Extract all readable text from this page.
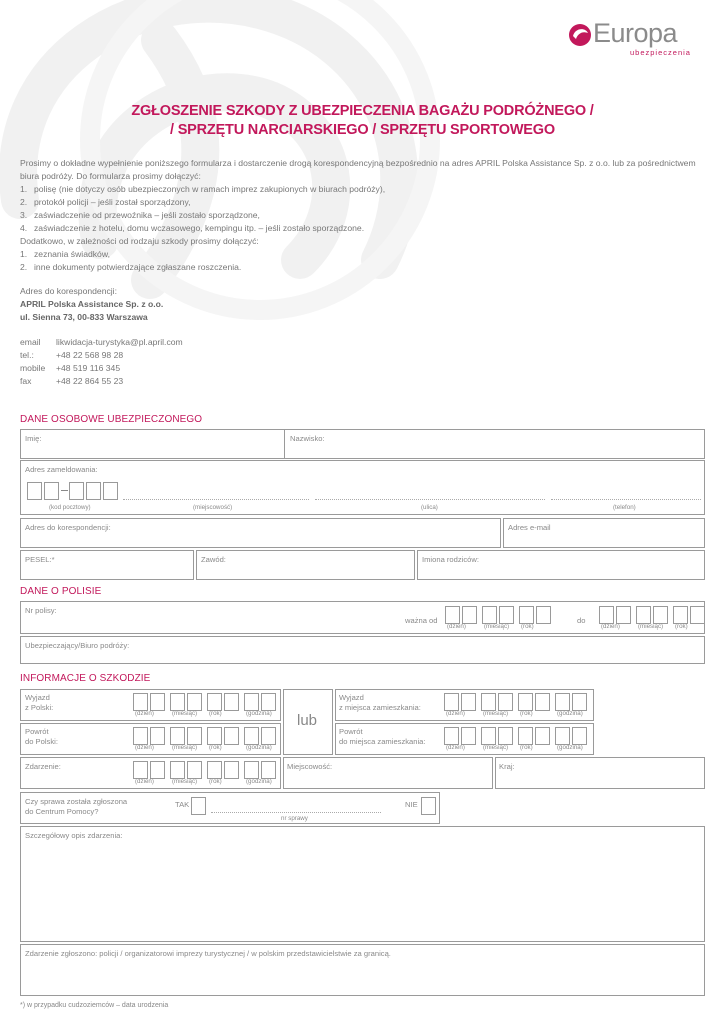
Europa
ubezpieczenia
ZGŁOSZENIE SZKODY Z UBEZPIECZENIA BAGAŻU PODRÓŻNEGO /
/ SPRZĘTU NARCIARSKIEGO / SPRZĘTU SPORTOWEGO

Prosimy o dokładne wypełnienie poniższego formularza i dostarczenie drogą korespondencyjną bezpośrednio na adres APRIL Polska Assistance Sp. z o.o. lub za pośrednictwem biura podróży. Do formularza prosimy dołączyć:

1. polisę (nie dotyczy osób ubezpieczonych w ramach imprez zakupionych w biurach podróży),
2. protokół policji – jeśli został sporządzony,
3. zaświadczenie od przewoźnika – jeśli zostało sporządzone,
4. zaświadczenie z hotelu, domu wczasowego, kempingu itp. – jeśli zostało sporządzone.

Dodatkowo, w zależności od rodzaju szkody prosimy dołączyć:

1. zeznania świadków,
2. inne dokumenty potwierdzające zgłaszane roszczenia.
Adres do korespondencji:
APRIL Polska Assistance Sp. z o.o.
ul. Sienna 73, 00-833 Warszawa
email	likwidacja-turystyka@pl.april.com
tel.:	+48 22 568 98 28
mobile	+48 519 116 345
fax	+48 22 864 55 23
DANE OSOBOWE UBEZPIECZONEGO
Imię:	Nazwisko:
Adres zameldowania:
(kod pocztowy)	(miejscowość)	(ulica)	(telefon)
Adres do korespondencji:	Adres e-mail
PESEL:*	Zawód:	Imiona rodziców:
DANE O POLISIE
Nr polisy:
ważna od	do
(dzień)	(miesiąc) (rok)	(dzień)	(miesiąc) (rok)
Ubezpieczający/Biuro podróży:
INFORMACJE O SZKODZIE
Wyjazd
z Polski:
(dzień)	(miesiąc) (rok)	(godzina)
Powrót
do Polski:
(dzień)	(miesiąc) (rok)	(godzina)
lub
Wyjazd
z miejsca zamieszkania:
(dzień)	(miesiąc) (rok)	(godzina)
Powrót
do miejsca zamieszkania:
(dzień)	(miesiąc) (rok)	(godzina)
Zdarzenie:
(dzień)	(miesiąc) (rok)	(godzina)
Miejscowość:	Kraj:
Czy sprawa została zgłoszona
do Centrum Pomocy?
TAK
nr sprawy
NIE
Szczegółowy opis zdarzenia:
Zdarzenie zgłoszono: policji / organizatorowi imprezy turystycznej / w polskim przedstawicielstwie za granicą.
*) w przypadku cudzoziemców – data urodzenia
